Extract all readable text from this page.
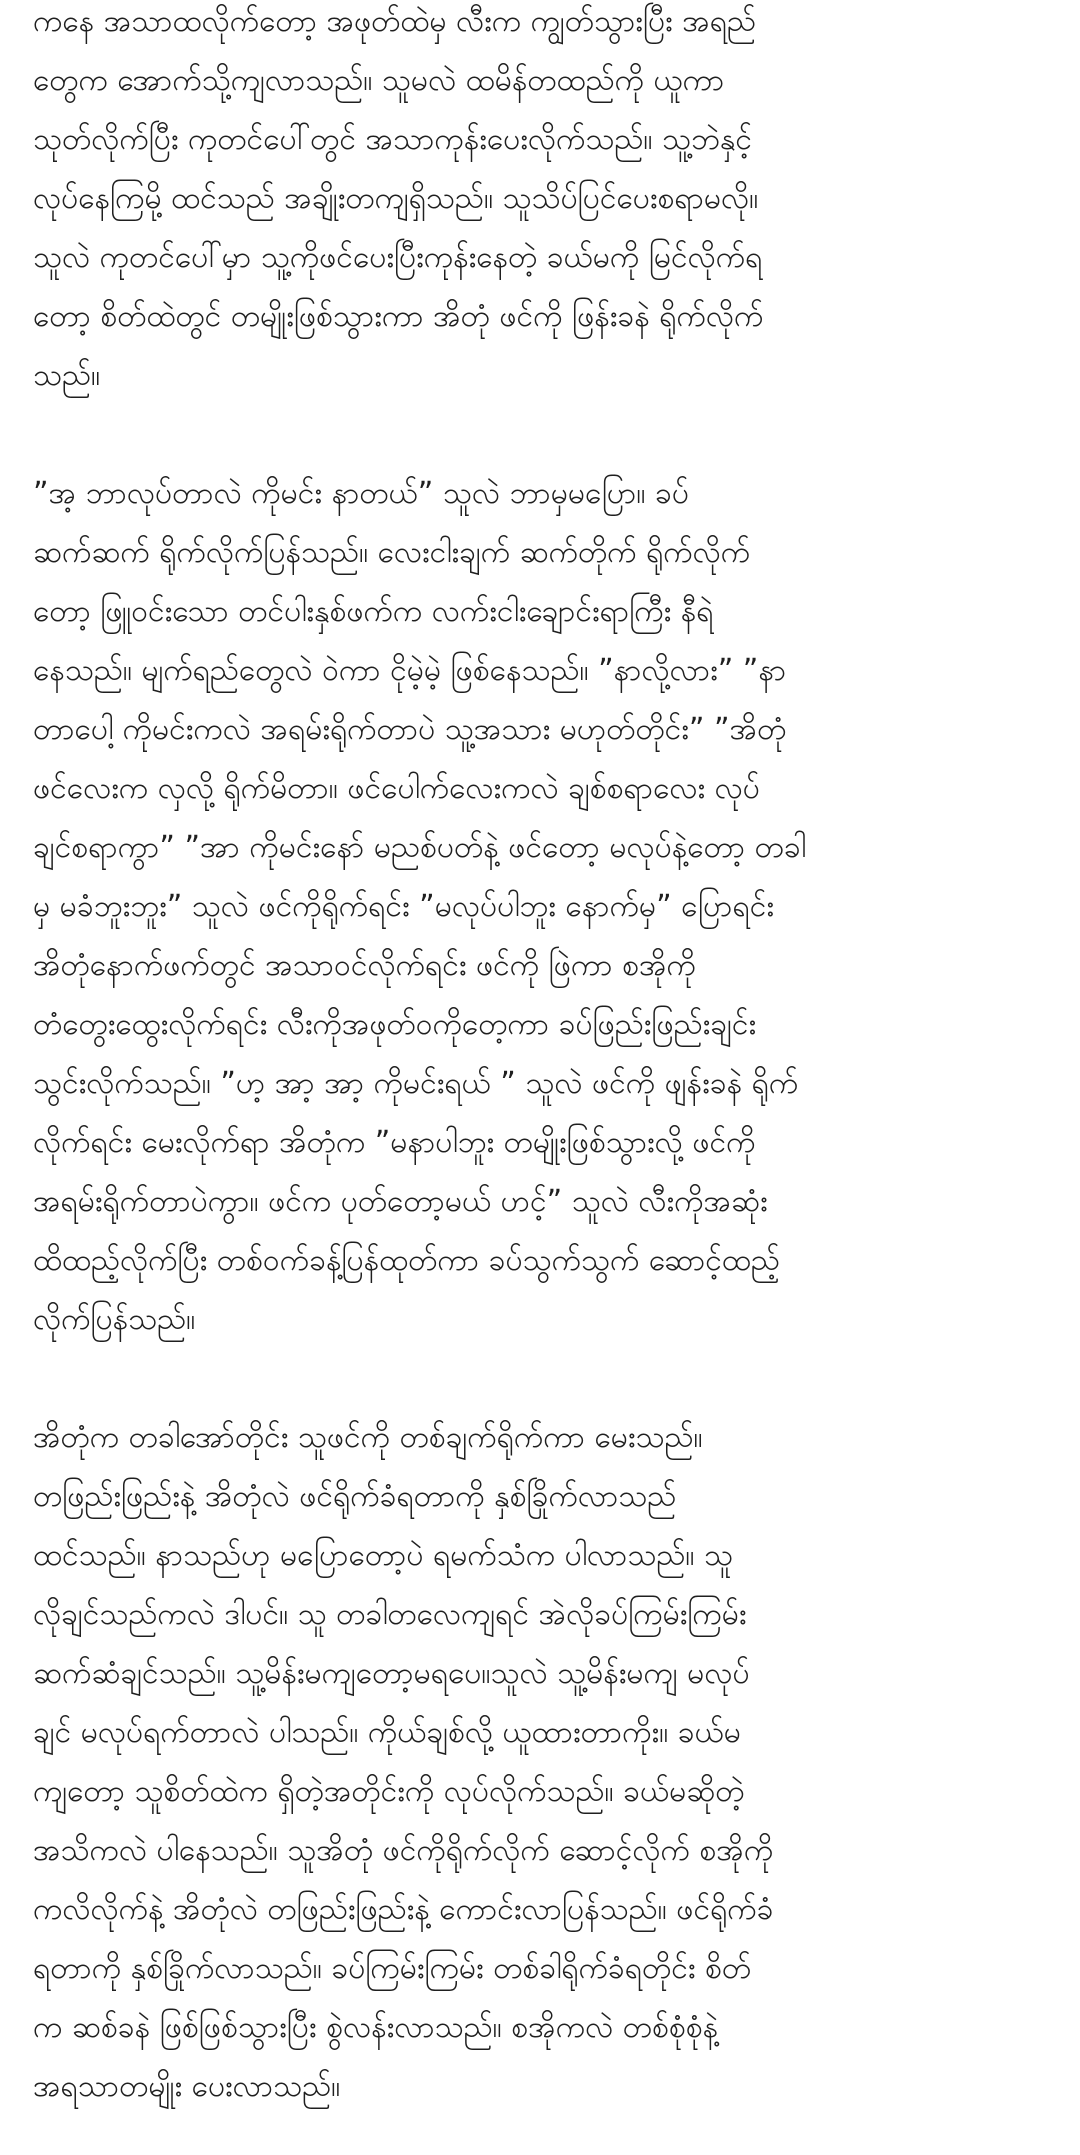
ကနေ အသာထလိုက်တော့ အဖုတ်ထဲမှ လီးက ကျွတ်သွားပြီး အရည်
တွေက အောက်သို့ကျလာသည်။ သူမလဲ ထမိန်တထည်ကို ယူကာ
သုတ်လိုက်ပြီး ကုတင်ပေါ်တွင် အသာကုန်းပေးလိုက်သည်။ သူ့ဘဲနှင့်
လုပ်နေကြမို့ ထင်သည် အချိုးတကျရှိသည်။ သူသိပ်ပြင်ပေးစရာမလို။
သူလဲ ကုတင်ပေါ်မှာ သူ့ကိုဖင်ပေးပြီးကုန်းနေတဲ့ ခယ်မကို မြင်လိုက်ရ
တော့ စိတ်ထဲတွင် တမျိုးဖြစ်သွားကာ အိတုံ ဖင်ကို ဖြန်းခနဲ ရိုက်လိုက်
သည်။

”အ့ ဘာလုပ်တာလဲ ကိုမင်း နာတယ်” သူလဲ ဘာမှမပြော။ ခပ်
ဆက်ဆက် ရိုက်လိုက်ပြန်သည်။ လေးငါးချက် ဆက်တိုက် ရိုက်လိုက်
တော့ ဖြူဝင်းသော တင်ပါးနှစ်ဖက်က လက်းငါးချောင်းရာကြီး နီရဲ
နေသည်။ မျက်ရည်တွေလဲ ဝဲကာ ငိုမဲ့မဲ့ ဖြစ်နေသည်။ ”နာလို့လား” ”နာ
တာပေါ့ ကိုမင်းကလဲ အရမ်းရိုက်တာပဲ သူ့အသား မဟုတ်တိုင်း” ”အိတုံ
ဖင်လေးက လှလို့ ရိုက်မိတာ။ ဖင်ပေါက်လေးကလဲ ချစ်စရာလေး လုပ်
ချင်စရာကွာ” ”အာ ကိုမင်းနော် မညစ်ပတ်နဲ့ ဖင်တော့ မလုပ်နဲ့တော့ တခါ
မှ မခံဘူးဘူး” သူလဲ ဖင်ကိုရိုက်ရင်း ”မလုပ်ပါဘူး နောက်မှ” ပြောရင်း
အိတုံနောက်ဖက်တွင် အသာဝင်လိုက်ရင်း ဖင်ကို ဖြဲကာ စအိုကို
တံတွေးထွေးလိုက်ရင်း လီးကိုအဖုတ်ဝကိုတေ့ကာ ခပ်ဖြည်းဖြည်းချင်း
သွင်းလိုက်သည်။ ”ဟ့ အာ့ အာ့ ကိုမင်းရယ် ” သူလဲ ဖင်ကို ဖျန်းခနဲ ရိုက်
လိုက်ရင်း မေးလိုက်ရာ အိတုံက ”မနာပါဘူး တမျိုးဖြစ်သွားလို့ ဖင်ကို
အရမ်းရိုက်တာပဲကွာ။ ဖင်က ပုတ်တော့မယ် ဟင့်” သူလဲ လီးကိုအဆုံး
ထိထည့်လိုက်ပြီး တစ်ဝက်ခန့်ပြန်ထုတ်ကာ ခပ်သွက်သွက် ဆောင့်ထည့်
လိုက်ပြန်သည်။

အိတုံက တခါအော်တိုင်း သူဖင်ကို တစ်ချက်ရိုက်ကာ မေးသည်။
တဖြည်းဖြည်းနဲ့ အိတုံလဲ ဖင်ရိုက်ခံရတာကို နှစ်ခြိုက်လာသည်
ထင်သည်။ နာသည်ဟု မပြောတော့ပဲ ရမက်သံက ပါလာသည်။ သူ
လိုချင်သည်ကလဲ ဒါပင်။ သူ တခါတလေကျရင် အဲလိုခပ်ကြမ်းကြမ်း
ဆက်ဆံချင်သည်။ သူ့မိန်းမကျတော့မရပေ။သူလဲ သူ့မိန်းမကျ မလုပ်
ချင် မလုပ်ရက်တာလဲ ပါသည်။ ကိုယ်ချစ်လို့ ယူထားတာကိုး။ ခယ်မ
ကျတော့ သူစိတ်ထဲက ရှိတဲ့အတိုင်းကို လုပ်လိုက်သည်။ ခယ်မဆိုတဲ့
အသိကလဲ ပါနေသည်။ သူအိတုံ ဖင်ကိုရိုက်လိုက် ဆောင့်လိုက် စအိုကို
ကလိလိုက်နဲ့ အိတုံလဲ တဖြည်းဖြည်းနဲ့ ကောင်းလာပြန်သည်။ ဖင်ရိုက်ခံ
ရတာကို နှစ်ခြိုက်လာသည်။ ခပ်ကြမ်းကြမ်း တစ်ခါရိုက်ခံရတိုင်း စိတ်
က ဆစ်ခနဲ ဖြစ်ဖြစ်သွားပြီး စွဲလန်းလာသည်။ စအိုကလဲ တစ်စုံစုံနဲ့
အရသာတမျိုး ပေးလာသည်။
